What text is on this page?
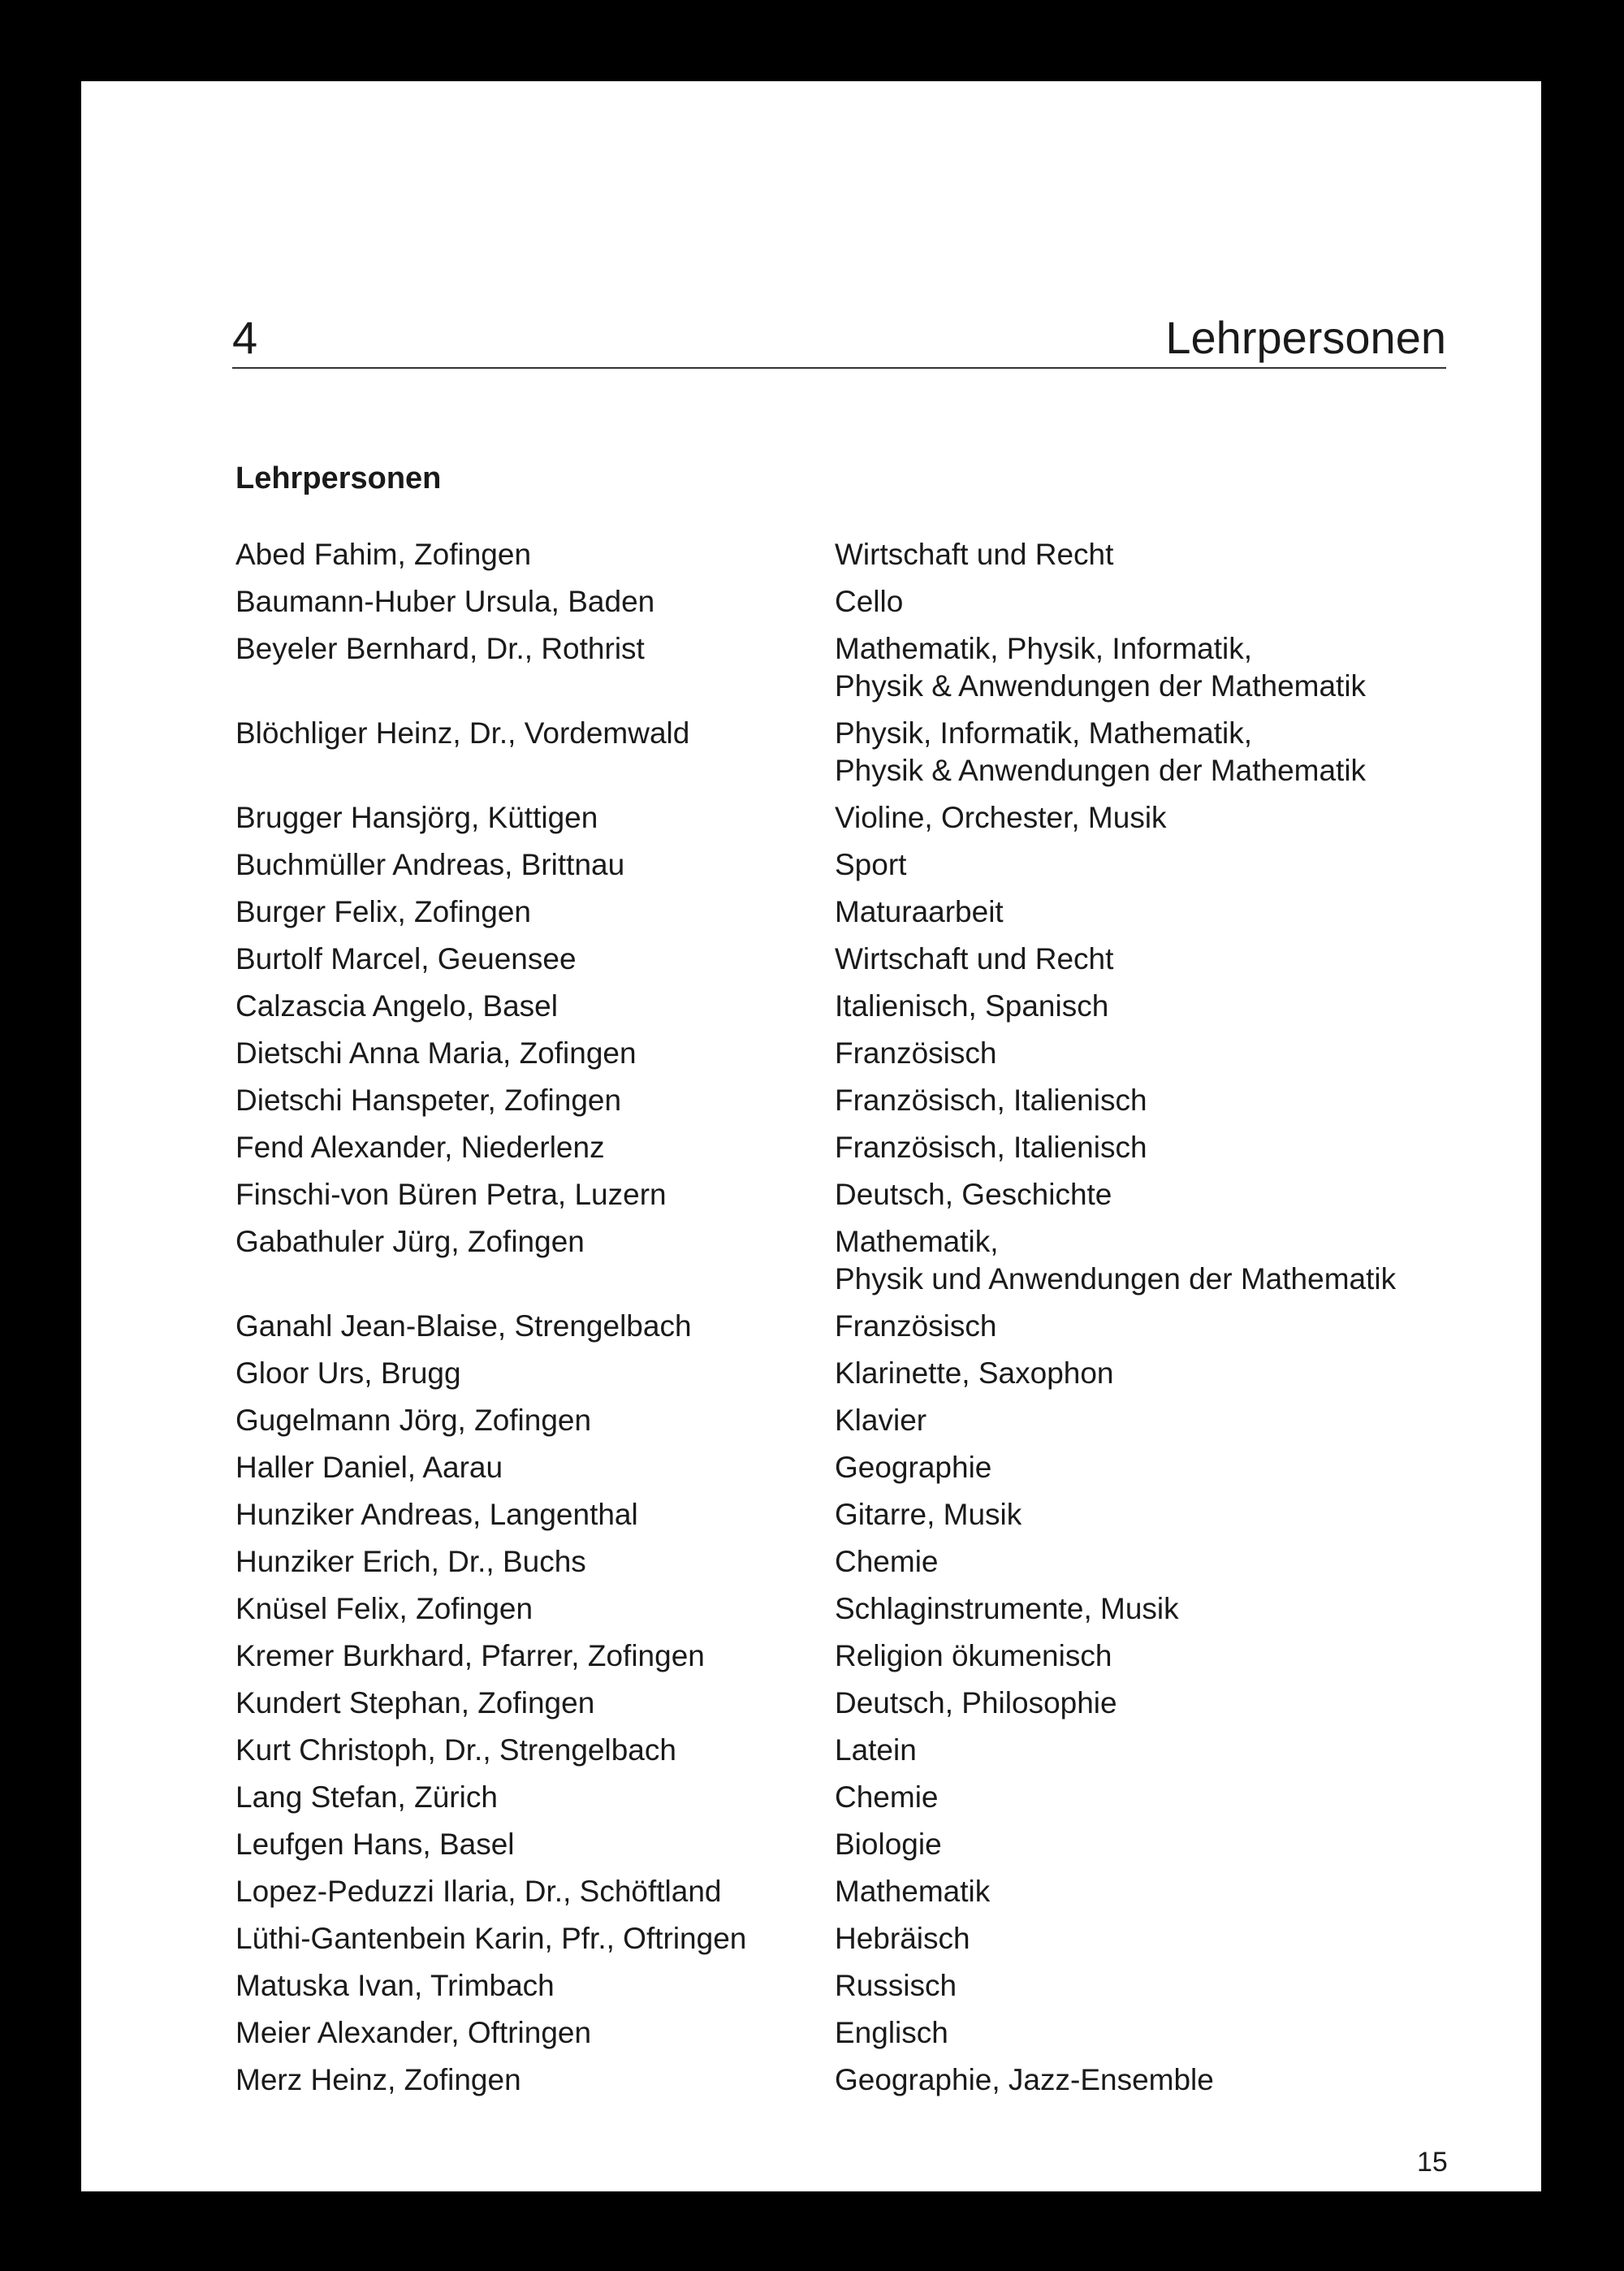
4	Lehrpersonen
Lehrpersonen
Abed Fahim, Zofingen	Wirtschaft und Recht
Baumann-Huber Ursula, Baden	Cello
Beyeler Bernhard, Dr., Rothrist	Mathematik, Physik, Informatik,
Physik & Anwendungen der Mathematik
Blöchliger Heinz, Dr., Vordemwald	Physik, Informatik, Mathematik,
Physik & Anwendungen der Mathematik
Brugger Hansjörg, Küttigen	Violine, Orchester, Musik
Buchmüller Andreas, Brittnau	Sport
Burger Felix, Zofingen	Maturaarbeit
Burtolf Marcel, Geuensee	Wirtschaft und Recht
Calzascia Angelo, Basel	Italienisch, Spanisch
Dietschi Anna Maria, Zofingen	Französisch
Dietschi Hanspeter, Zofingen	Französisch, Italienisch
Fend Alexander, Niederlenz	Französisch, Italienisch
Finschi-von Büren Petra, Luzern	Deutsch, Geschichte
Gabathuler Jürg, Zofingen	Mathematik,
Physik und Anwendungen der Mathematik
Ganahl Jean-Blaise, Strengelbach	Französisch
Gloor Urs, Brugg	Klarinette, Saxophon
Gugelmann Jörg, Zofingen	Klavier
Haller Daniel, Aarau	Geographie
Hunziker Andreas, Langenthal	Gitarre, Musik
Hunziker Erich, Dr., Buchs	Chemie
Knüsel Felix, Zofingen	Schlaginstrumente, Musik
Kremer Burkhard, Pfarrer, Zofingen	Religion ökumenisch
Kundert Stephan, Zofingen	Deutsch, Philosophie
Kurt Christoph, Dr., Strengelbach	Latein
Lang Stefan, Zürich	Chemie
Leufgen Hans, Basel	Biologie
Lopez-Peduzzi Ilaria, Dr., Schöftland	Mathematik
Lüthi-Gantenbein Karin, Pfr., Oftringen	Hebräisch
Matuska Ivan, Trimbach	Russisch
Meier Alexander, Oftringen	Englisch
Merz Heinz, Zofingen	Geographie, Jazz-Ensemble
15
